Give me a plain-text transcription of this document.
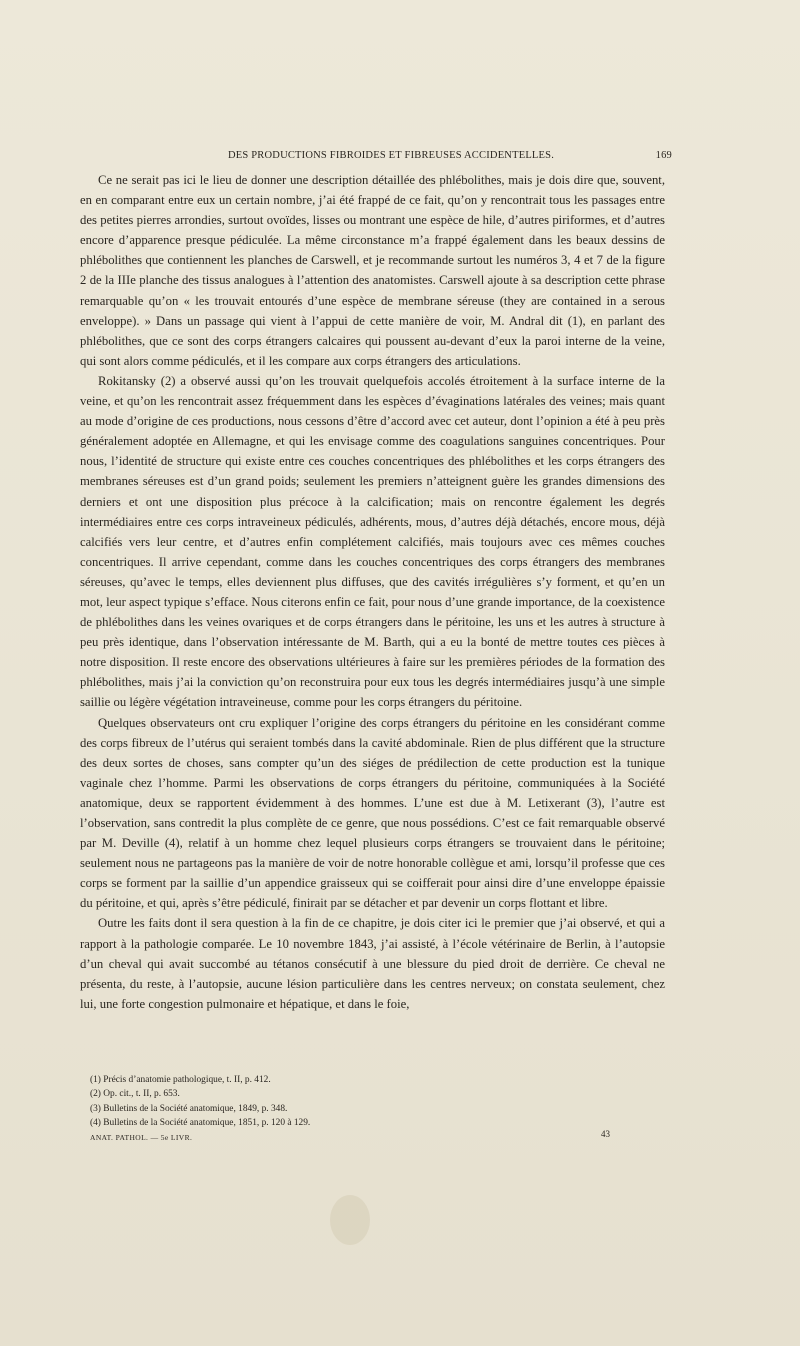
DES PRODUCTIONS FIBROIDES ET FIBREUSES ACCIDENTELLES.	169

Ce ne serait pas ici le lieu de donner une description détaillée des phlébolithes, mais je dois dire que, souvent, en en comparant entre eux un certain nombre, j’ai été frappé de ce fait, qu’on y rencontrait tous les passages entre des petites pierres arrondies, surtout ovoïdes, lisses ou montrant une espèce de hile, d’autres piriformes, et d’autres encore d’apparence presque pédiculée. La même circonstance m’a frappé également dans les beaux dessins de phlébolithes que contiennent les planches de Carswell, et je recommande surtout les numéros 3, 4 et 7 de la figure 2 de la IIIe planche des tissus analogues à l’attention des anatomistes. Carswell ajoute à sa description cette phrase remarquable qu’on « les trouvait entourés d’une espèce de membrane séreuse (they are contained in a serous enveloppe). » Dans un passage qui vient à l’appui de cette manière de voir, M. Andral dit (1), en parlant des phlébolithes, que ce sont des corps étrangers calcaires qui poussent au-devant d’eux la paroi interne de la veine, qui sont alors comme pédiculés, et il les compare aux corps étrangers des articulations.

Rokitansky (2) a observé aussi qu’on les trouvait quelquefois accolés étroitement à la surface interne de la veine, et qu’on les rencontrait assez fréquemment dans les espèces d’évaginations latérales des veines; mais quant au mode d’origine de ces productions, nous cessons d’être d’accord avec cet auteur, dont l’opinion a été à peu près généralement adoptée en Allemagne, et qui les envisage comme des coagulations sanguines concentriques. Pour nous, l’identité de structure qui existe entre ces couches concentriques des phlébolithes et les corps étrangers des membranes séreuses est d’un grand poids; seulement les premiers n’atteignent guère les grandes dimensions des derniers et ont une disposition plus précoce à la calcification; mais on rencontre également les degrés intermédiaires entre ces corps intraveineux pédiculés, adhérents, mous, d’autres déjà détachés, encore mous, déjà calcifiés vers leur centre, et d’autres enfin complétement calcifiés, mais toujours avec ces mêmes couches concentriques. Il arrive cependant, comme dans les couches concentriques des corps étrangers des membranes séreuses, qu’avec le temps, elles deviennent plus diffuses, que des cavités irrégulières s’y forment, et qu’en un mot, leur aspect typique s’efface. Nous citerons enfin ce fait, pour nous d’une grande importance, de la coexistence de phlébolithes dans les veines ovariques et de corps étrangers dans le péritoine, les uns et les autres à structure à peu près identique, dans l’observation intéressante de M. Barth, qui a eu la bonté de mettre toutes ces pièces à notre disposition. Il reste encore des observations ultérieures à faire sur les premières périodes de la formation des phlébolithes, mais j’ai la conviction qu’on reconstruira pour eux tous les degrés intermédiaires jusqu’à une simple saillie ou légère végétation intraveineuse, comme pour les corps étrangers du péritoine.

Quelques observateurs ont cru expliquer l’origine des corps étrangers du péritoine en les considérant comme des corps fibreux de l’utérus qui seraient tombés dans la cavité abdominale. Rien de plus différent que la structure des deux sortes de choses, sans compter qu’un des siéges de prédilection de cette production est la tunique vaginale chez l’homme. Parmi les observations de corps étrangers du péritoine, communiquées à la Société anatomique, deux se rapportent évidemment à des hommes. L’une est due à M. Letixerant (3), l’autre est l’observation, sans contredit la plus complète de ce genre, que nous possédions. C’est ce fait remarquable observé par M. Deville (4), relatif à un homme chez lequel plusieurs corps étrangers se trouvaient dans le péritoine; seulement nous ne partageons pas la manière de voir de notre honorable collègue et ami, lorsqu’il professe que ces corps se forment par la saillie d’un appendice graisseux qui se coifferait pour ainsi dire d’une enveloppe épaissie du péritoine, et qui, après s’être pédiculé, finirait par se détacher et par devenir un corps flottant et libre.

Outre les faits dont il sera question à la fin de ce chapitre, je dois citer ici le premier que j’ai observé, et qui a rapport à la pathologie comparée. Le 10 novembre 1843, j’ai assisté, à l’école vétérinaire de Berlin, à l’autopsie d’un cheval qui avait succombé au tétanos consécutif à une blessure du pied droit de derrière. Ce cheval ne présenta, du reste, à l’autopsie, aucune lésion particulière dans les centres nerveux; on constata seulement, chez lui, une forte congestion pulmonaire et hépatique, et dans le foie,

(1) Précis d’anatomie pathologique, t. II, p. 412.
(2) Op. cit., t. II, p. 653.
(3) Bulletins de la Société anatomique, 1849, p. 348.
(4) Bulletins de la Société anatomique, 1851, p. 120 à 129.
ANAT. PATHOL. — 5e LIVR.	43
